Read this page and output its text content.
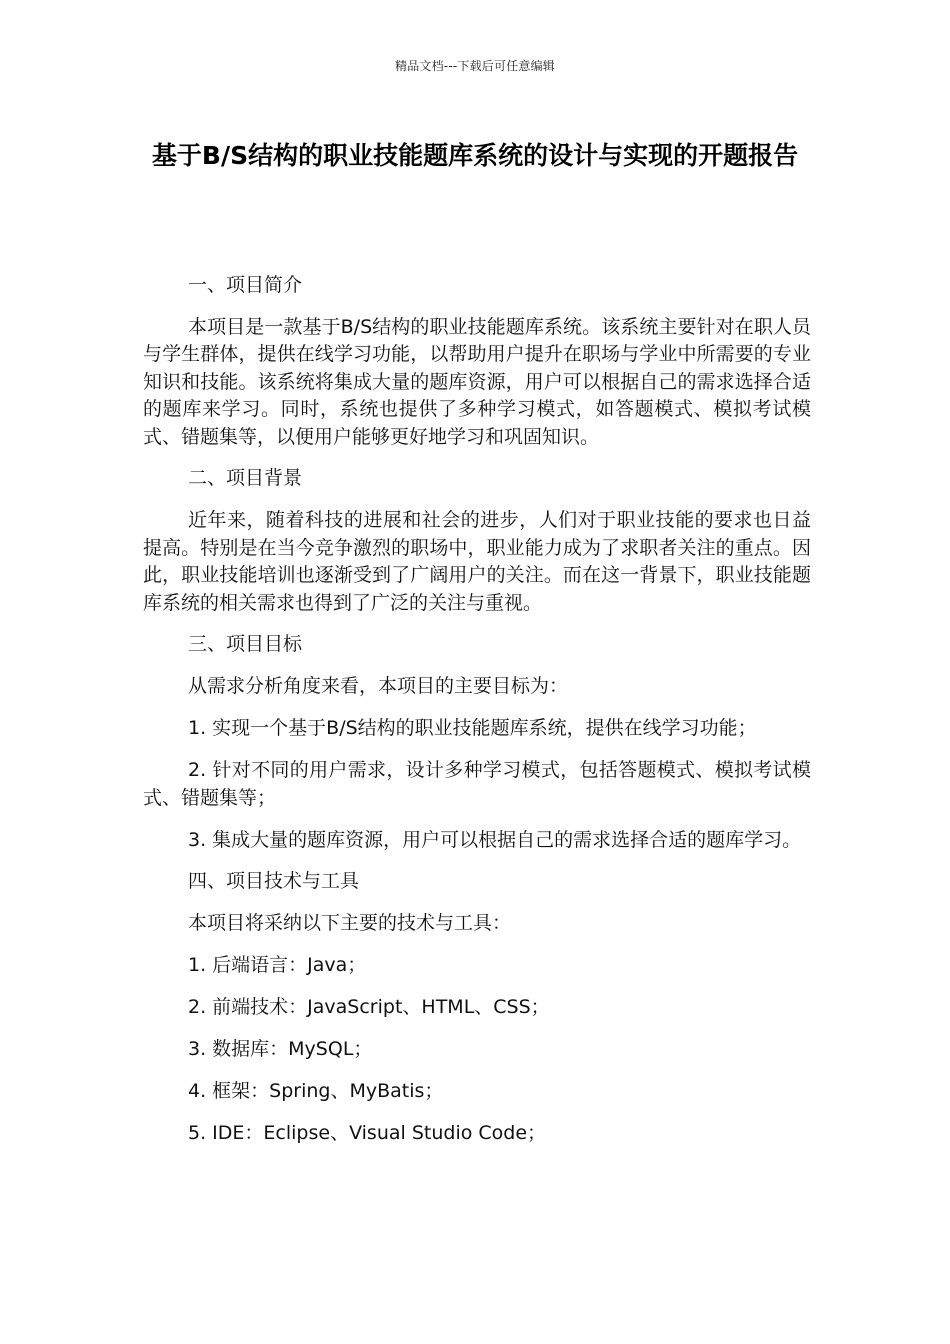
精品文档---下载后可任意编辑
基于B/S结构的职业技能题库系统的设计与实现的开题报告

一、项目简介

本项目是一款基于B/S结构的职业技能题库系统。该系统主要针对在职人员与学生群体，提供在线学习功能，以帮助用户提升在职场与学业中所需要的专业知识和技能。该系统将集成大量的题库资源，用户可以根据自己的需求选择合适的题库来学习。同时，系统也提供了多种学习模式，如答题模式、模拟考试模式、错题集等，以便用户能够更好地学习和巩固知识。

二、项目背景

近年来，随着科技的进展和社会的进步，人们对于职业技能的要求也日益提高。特别是在当今竞争激烈的职场中，职业能力成为了求职者关注的重点。因此，职业技能培训也逐渐受到了广阔用户的关注。而在这一背景下，职业技能题库系统的相关需求也得到了广泛的关注与重视。

三、项目目标

从需求分析角度来看，本项目的主要目标为：

1. 实现一个基于B/S结构的职业技能题库系统，提供在线学习功能；

2. 针对不同的用户需求，设计多种学习模式，包括答题模式、模拟考试模式、错题集等；

3. 集成大量的题库资源，用户可以根据自己的需求选择合适的题库学习。

四、项目技术与工具

本项目将采纳以下主要的技术与工具：

1. 后端语言：Java；

2. 前端技术：JavaScript、HTML、CSS；

3. 数据库：MySQL；

4. 框架：Spring、MyBatis；

5. IDE：Eclipse、Visual Studio Code；
